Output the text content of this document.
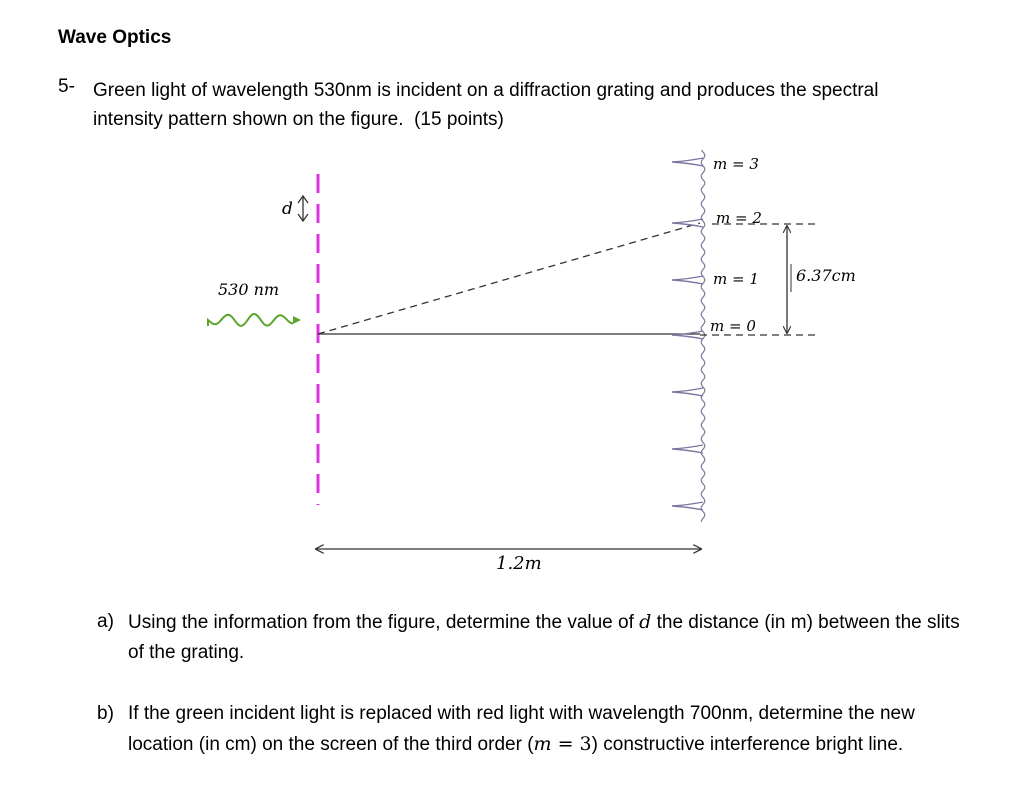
Wave Optics
5- Green light of wavelength 530nm is incident on a diffraction grating and produces the spectral intensity pattern shown on the figure. (15 points)
d
530 nm
m = 3
m = 2
m = 1
m = 0
6.37cm
1.2m
a) Using the information from the figure, determine the value of d the distance (in m) between the slits of the grating.
b) If the green incident light is replaced with red light with wavelength 700nm, determine the new location (in cm) on the screen of the third order (m = 3) constructive interference bright line.
